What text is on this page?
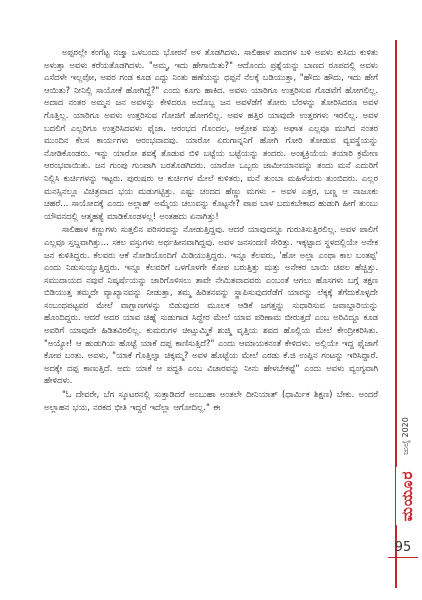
ಅಪ್ಪರಲ್ಲೇ ಕಂಗೆಟ್ಟ ನಜ್ಮಾ ಒಳಬಂದು ಭೋರನೆ ಅಳ ತೊಡಗಿದಳು. ಸಾಲಿಹಾಳ ಪಾದಗಳ ಬಳಿ ಅವಳು ಕುಸಿದು ಕುಳಿತು ಅಳುತ್ತಾ ಅವಳು ಕರೆಯತೊಡಗಿದಳು. "ಅಮ್ಮ, ಇದು ಹೇಗಾಯಿತು?" ಆದೊಂದು ಪ್ರಶ್ನೆಯನ್ನು ಬಾಣದ ರೂಪದಲ್ಲಿ ಅವಳು ಎಸೆದಳೇ ಇಲ್ಲವೋ, ಅವರ ಗಂಡ ಕೂಡ ಎದ್ದು ನಿಂತು ಹಣೆಯನ್ನು ಧಪ್ಪನೆ ನೆಲಕ್ಕೆ ಬಡಿಯುತ್ತಾ, "ಹೌದು ಹೌದು, ಇದು ಹೇಗೆ ಆಯಿತು? ನೀನಿಲ್ಲಿ ಸಾಯೋಕೆ ಹೋಗಿದ್ದೆ?" ಎಂದು ಕೂಗು ಹಾಕಿದ. ಅವಳು ಯಾರಿಗೂ ಉತ್ತರಿಸುವ ಗೊಡವೆಗೆ ಹೋಗಲಿಲ್ಲ. ಅದಾದ ನಂತರ ಅಮ್ಮನ ಜನ ಅವಳನ್ನು ಕೇಳಿದರೂ ಅದೊಬ್ಬ ಜನ ಅವಳೆಡೆಗೆ ತೋರು ಬೆರಳನ್ನು ತೋರಿಸಿದರೂ ಅವಳ ಗೊತ್ತಿಲ್ಲ. ಯಾರಿಗೂ ಅವಳು ಉತ್ತರಿಸುವ ಗೋಜಿಗೆ ಹೋಗಲಿಲ್ಲ. ಅವಳ ಹತ್ತಿರ ಯಾವುದೇ ಉತ್ತರಗಳು ಇರಲಿಲ್ಲ. ಅವಳ ಬದಲಿಗೆ ಎಲ್ಲರಿಗೂ ಉತ್ತರಿಸಿದವಳು ಫೈಜಾ. ಆರಂಭದ ಗೊಂದಲ, ಆಕ್ರೋಶ ಮತ್ತು ಅಘಾತ ಎಲ್ಲವೂ ಮುಗಿದ ನಂತರ ಮುಂದಿನ ಕೆಲಸ ಕಾರ್ಯಗಳು ಆರಂಭವಾದವು. ಯಾರೋ ಏರುಗಾನ್ನನಿಗೆ ಹೋಗಿ ಗೋರಿ ತೋಡುವ ವ್ಯವಸ್ಥೆಯನ್ನು ನೋಡಿಕೊಂಡರು. ಇನ್ನು ಯಾರೋ ಶವಕ್ಕೆ ತೊಡುವ ಬಿಳಿ ಬಟ್ಟೆಯ ಬಟ್ಟೆಯನ್ನು ತಂದರು. ಅಂತ್ಯಕ್ರಿಯೆಯ ತಯಾರಿ ಕ್ರಮೇಣ ಆರಂಭವಾಯಿತು. ಜನ ಗುಂಪು ಗುಂಪಾಗಿ ಬರತೊಡಗಿದರು. ಯಾರೋ ಒಬ್ಬರು ಜಾಮೀಯಾನವನ್ನು ತಂದು ಮನೆ ಎದುರಿಗೆ ನಿಲ್ಲಿಸಿ ಕುರ್ಚಿಗಳನ್ನು ಇಟ್ಟರು. ಪುರುಷರು ಆ ಕುರ್ಚಿಗಳ ಮೇಲೆ ಕುಳಿತರು, ಮನೆ ತುಂಬಾ ಮಹಿಳೆಯರು ತುಂಬಿದರು. ಎಲ್ಲರ ಮನಸ್ಸಿನಲ್ಲೂ ವಿಚಿತ್ರವಾದ ಭಯ ಮಡುಗಟ್ಟಿತ್ತು. ಎಷ್ಟು ಚಂದದ ಹೆಣ್ಣು ಮಗಳು – ಅವಳ ಎತ್ತರ, ಬಣ್ಣ ಆ ನಾಜೂಕು ಚಹರೆ... ಸಾಯೋದಕ್ಕೆ ಎಂದು ಅಲ್ಲಾಹ್ ಅಮ್ಮೆಯ ಚಲುವನ್ನು ಕೊಟ್ಟನೇ? ಪಾಪ ಬಾಳ ಬದುಕಬೇಕಾದ ಹುಡುಗಿ ಹೀಗೆ ತುಂಬು ಯೌವನದಲ್ಲಿ ಆತ್ಮಹತ್ಯೆ ಮಾಡಿಕೊಂಡಳಲ್ಲ! ಅಂತಹದು ಏನಾಗಿತ್ತು!

ಸಾಲಿಹಾಳ ಕಣ್ಣುಗಳು ಸುತ್ತಲಿನ ಪರಿಸರವನ್ನು ನೋಡುತ್ತಿದ್ದವು. ಆದರೆ ಯಾವುದನ್ನೂ ಗುರುತಿಸುತ್ತಿರಲಿಲ್ಲ. ಅವಳ ಪಾಲಿಗೆ ಎಲ್ಲವೂ ಸ್ತಬ್ದವಾಗಿತ್ತು... ಸಕಲ ವಸ್ತುಗಳು ಅರ್ಥಹೀನವಾಗಿದ್ದವು. ಅವಳ ಜನಸಂದಣಿ ಸೇರಿತ್ತು. ಇಕ್ಕಟ್ಟಾದ ಸ್ಥಳದಲ್ಲಿಯೇ ಅನೇಕ ಜನ ಕುಳಿತಿದ್ದರು. ಕೆಲವರು ಆಕೆ ನೋಡಿಯೊಂದಿಗೆ ಮಿಡಿಯುತ್ತಿದ್ದರು. ಇನ್ನೂ ಕೆಲವರು, 'ಹೋ ಅಲ್ಲಾ ಎಂಥಾ ಕಾಲ ಬಂತಪ್ಪ' ಎಂದು ನಿಡುಸುಯ್ಯುತ್ತಿದ್ದರು. ಇನ್ನೂ ಕೆಲವರಿಗೆ ಒಳಗೊಳಗೇ ಕೋಪ ಬರುತ್ತಿತ್ತು ಮತ್ತು ಅನೇಕರ ಬಾಯಿ ಚಪಲ ಹೆಚ್ಚಿತ್ತು. ಸಮುದಾಯದ ನವುವೆ ನಿಷ್ಕರ್ಷೆಯನ್ನು ಜಾರಿಗೊಳಿಸಲು ತಾವೇ ನೇಮಿತವಾದವರು ಎಂಬಂತೆ ಆಗಲು ಹೊಸಗಳು ಬಗ್ಗೆ ತಕ್ಷಣ ಬಿಡಿಯುತ್ತ ತಮ್ಮದೇ ವ್ಯಾಖ್ಯಾನವನ್ನು ನೀಡುತ್ತಾ, ತಮ್ಮ ಹಿರಿತನವನ್ನು ಸ್ಥಾಪಿಸುವುದರೆಡೆಗೆ ಯಾರನ್ನು ಲೆಕ್ಕಕ್ಕೆ ತೆಗೆದುಕೊಳ್ಳದೇ ಸಂಬಂಧಪಟ್ಟವರ ಮೇಲೆ ವಾಗ್ಬಾಣಗಳನ್ನು ಬಿಡುವುದರ ಮೂಲಕ ಆಡಿಕೆ ಜಗತ್ತನ್ನು ಸುಧಾರಿಸುವ ಜವಾಬ್ದಾರಿಯನ್ನು ಹೊಂದಿದ್ದರು. ಆದರೆ ಅದರ ಯಾವ ಚಿಹ್ನೆ ಸುಡುಗಾಡ ಸಿದ್ಧೇರ ಮೇಲೆ ಯಾವ ಪರಿಣಾಮ ಬೀರುತ್ತದೆ ಎಂಬ ಅರಿವಿದ್ದೂ ಕೂಡ ಅವರಿಗೆ ಯಾವುದೇ ಹಿಡಿತವಿರಲಿಲ್ಲ. ಕುಮರುಗಳ ಚೀಟ್ಸುಮ್ಮಿಕೆ ಶುಜ್ಮಿ ವೃತ್ತಿಯ ಶವದ ಹೊಲ್ಲಿಯ ಮೇಲೆ ಕೇಂದ್ರೀಕರಿಸಿತು. "ಅಯ್ಯೋ! ಆ ಹುಡುಗಿಯ ಹೊಟ್ಟೆ ಯಾಕೆ ದಪ್ಪ ಕಾಣಿಸುತ್ತಿದೆ?" ಎಂದು ಆಮಾಯಕನಂತೆ ಕೇಳಿದಳು. ಅಲ್ಲಿಯೇ ಇದ್ದ ಫೈಜಾಗೆ ಕೋಪ ಬಂತು. ಅವಳು, "ಯಾಕೆ ಗೊತ್ತಿಲ್ವಾ ಚಿಕ್ಕಮ್ಮ? ಅವಳ ಹೊಟ್ಟೆಯ ಮೇಲೆ ಎರಡು ಕೆ.ಜಿ ಉಪ್ಪಿನ ಗಂಟನ್ನು ಇರಿಸಿದ್ದಾರೆ. ಅದಕ್ಕೇ ದಪ್ಪ ಕಾಣುತ್ತಿದೆ. ಅದು ಯಾಕೆ ಆ ಪದ್ಧತಿ ಎಂಬ ವಿಚಾರವನ್ನು ನೀನು ಹೇಳಬೇಕಷ್ಟೆ" ಎಂದು ಅವಳು ವ್ಯಂಗ್ಯವಾಗಿ ಹೇಳಿದಳು.

"ಓ ದೇವರೇ, ಬೆಗ ಸ್ಕೂಟರನಲ್ಲಿ ಸುತ್ತಾಡಿದರೆ ಅಂಬುಹಾ ಅಂತಲೇ ದೀನಿಯಾತ್ (ಧಾರ್ಮಿಕ ಶಿಕ್ಷಣ) ಬೇಕು. ಅಂದರೆ ಅಲ್ಲಾಹನ ಭಯ, ನರಕದ ಭೀತಿ ಇದ್ದರೆ ಇದೆಲ್ಲಾ ಆಗೋದಿಲ್ಲ." ಈ

ಜುಲೈ 2020
ಮಯೂರ
95
